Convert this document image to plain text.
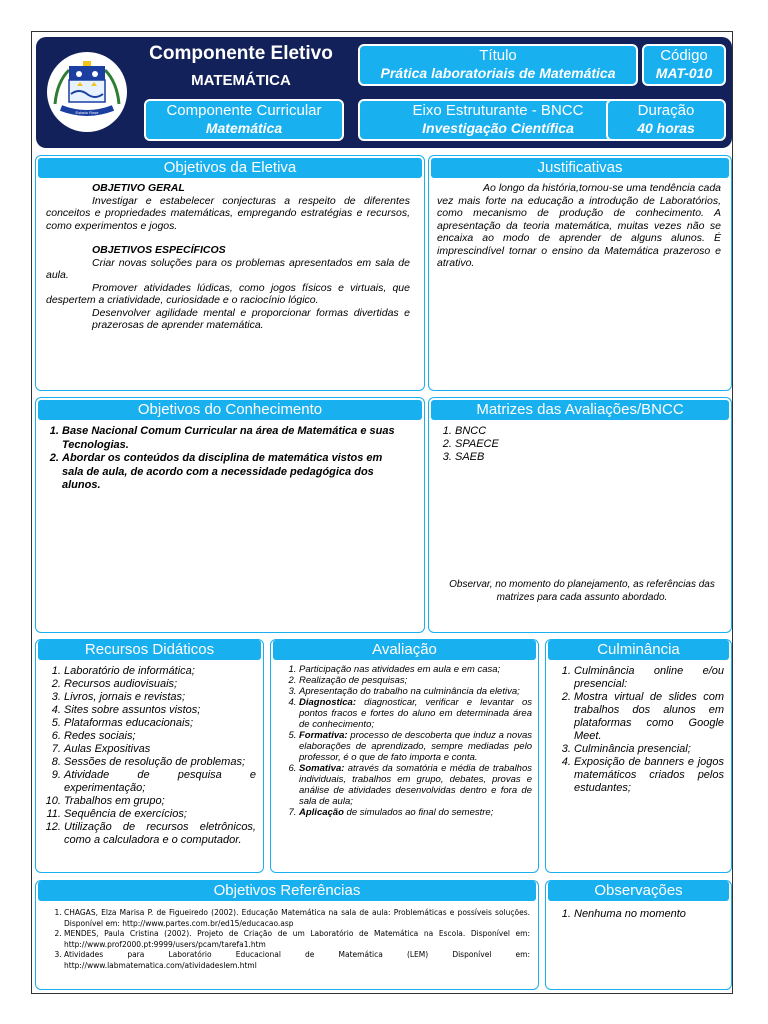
Estado Rose
Componente Eletivo
MATEMÁTICA
Componente Curricular
Matemática
Título
Prática laboratoriais de Matemática
Eixo Estruturante - BNCC
Investigação Científica
Código
MAT-010
Duração
40 horas
Objetivos da Eletiva
OBJETIVO GERAL
Investigar e estabelecer conjecturas a respeito de diferentes conceitos e propriedades matemáticas, empregando estratégias e recursos, como experimentos e jogos.
OBJETIVOS ESPECÍFICOS
Criar novas soluções para os problemas apresentados em sala de aula.
Promover atividades lúdicas, como jogos físicos e virtuais, que despertem a criatividade, curiosidade e o raciocínio lógico.
Desenvolver agilidade mental e proporcionar formas divertidas e prazerosas de aprender matemática.
Justificativas
Ao longo da história,tornou-se uma tendência cada vez mais forte na educação a introdução de Laboratórios, como mecanismo de produção de conhecimento. A apresentação da teoria matemática, muitas vezes não se encaixa ao modo de aprender de alguns alunos. É imprescindível tornar o ensino da Matemática prazeroso e atrativo.
Objetivos do Conhecimento
1. Base Nacional Comum Curricular na área de Matemática e suas Tecnologias.
2. Abordar os conteúdos da disciplina de matemática vistos em sala de aula, de acordo com a necessidade pedagógica dos alunos.
Matrizes das Avaliações/BNCC
1. BNCC
2. SPAECE
3. SAEB
Observar, no momento do planejamento, as referências das matrizes para cada assunto abordado.
Recursos Didáticos
1. Laboratório de informática;
2. Recursos audiovisuais;
3. Livros, jornais e revistas;
4. Sites sobre assuntos vistos;
5. Plataformas educacionais;
6. Redes sociais;
7. Aulas Expositivas
8. Sessões de resolução de problemas;
9. Atividade de pesquisa e experimentação;
10. Trabalhos em grupo;
11. Sequência de exercícios;
12. Utilização de recursos eletrônicos, como a calculadora e o computador.
Avaliação
1. Participação nas atividades em aula e em casa;
2. Realização de pesquisas;
3. Apresentação do trabalho na culminância da eletiva;
4. Diagnostica: diagnosticar, verificar e levantar os pontos fracos e fortes do aluno em determinada área de conhecimento;
5. Formativa: processo de descoberta que induz a novas elaborações de aprendizado, sempre mediadas pelo professor, é o que de fato importa e conta.
6. Somativa: através da somatória e média de trabalhos individuais, trabalhos em grupo, debates, provas e análise de atividades desenvolvidas dentro e fora de sala de aula;
7. Aplicação de simulados ao final do semestre;
Culminância
1. Culminância online e/ou presencial:
2. Mostra virtual de slides com trabalhos dos alunos em plataformas como Google Meet.
3. Culminância presencial;
4. Exposição de banners e jogos matemáticos criados pelos estudantes;
Objetivos Referências
1. CHAGAS, Elza Marisa P. de Figueiredo (2002). Educação Matemática na sala de aula: Problemáticas e possíveis soluções. Disponível em: http://www.partes.com.br/ed15/educacao.asp
2. MENDES, Paula Cristina (2002). Projeto de Criação de um Laboratório de Matemática na Escola. Disponível em: http://www.prof2000.pt:9999/users/pcam/tarefa1.htm
3. Atividades para Laboratório Educacional de Matemática (LEM) Disponível em: http://www.labmatematica.com/atividadeslem.html
Observações
1. Nenhuma no momento
